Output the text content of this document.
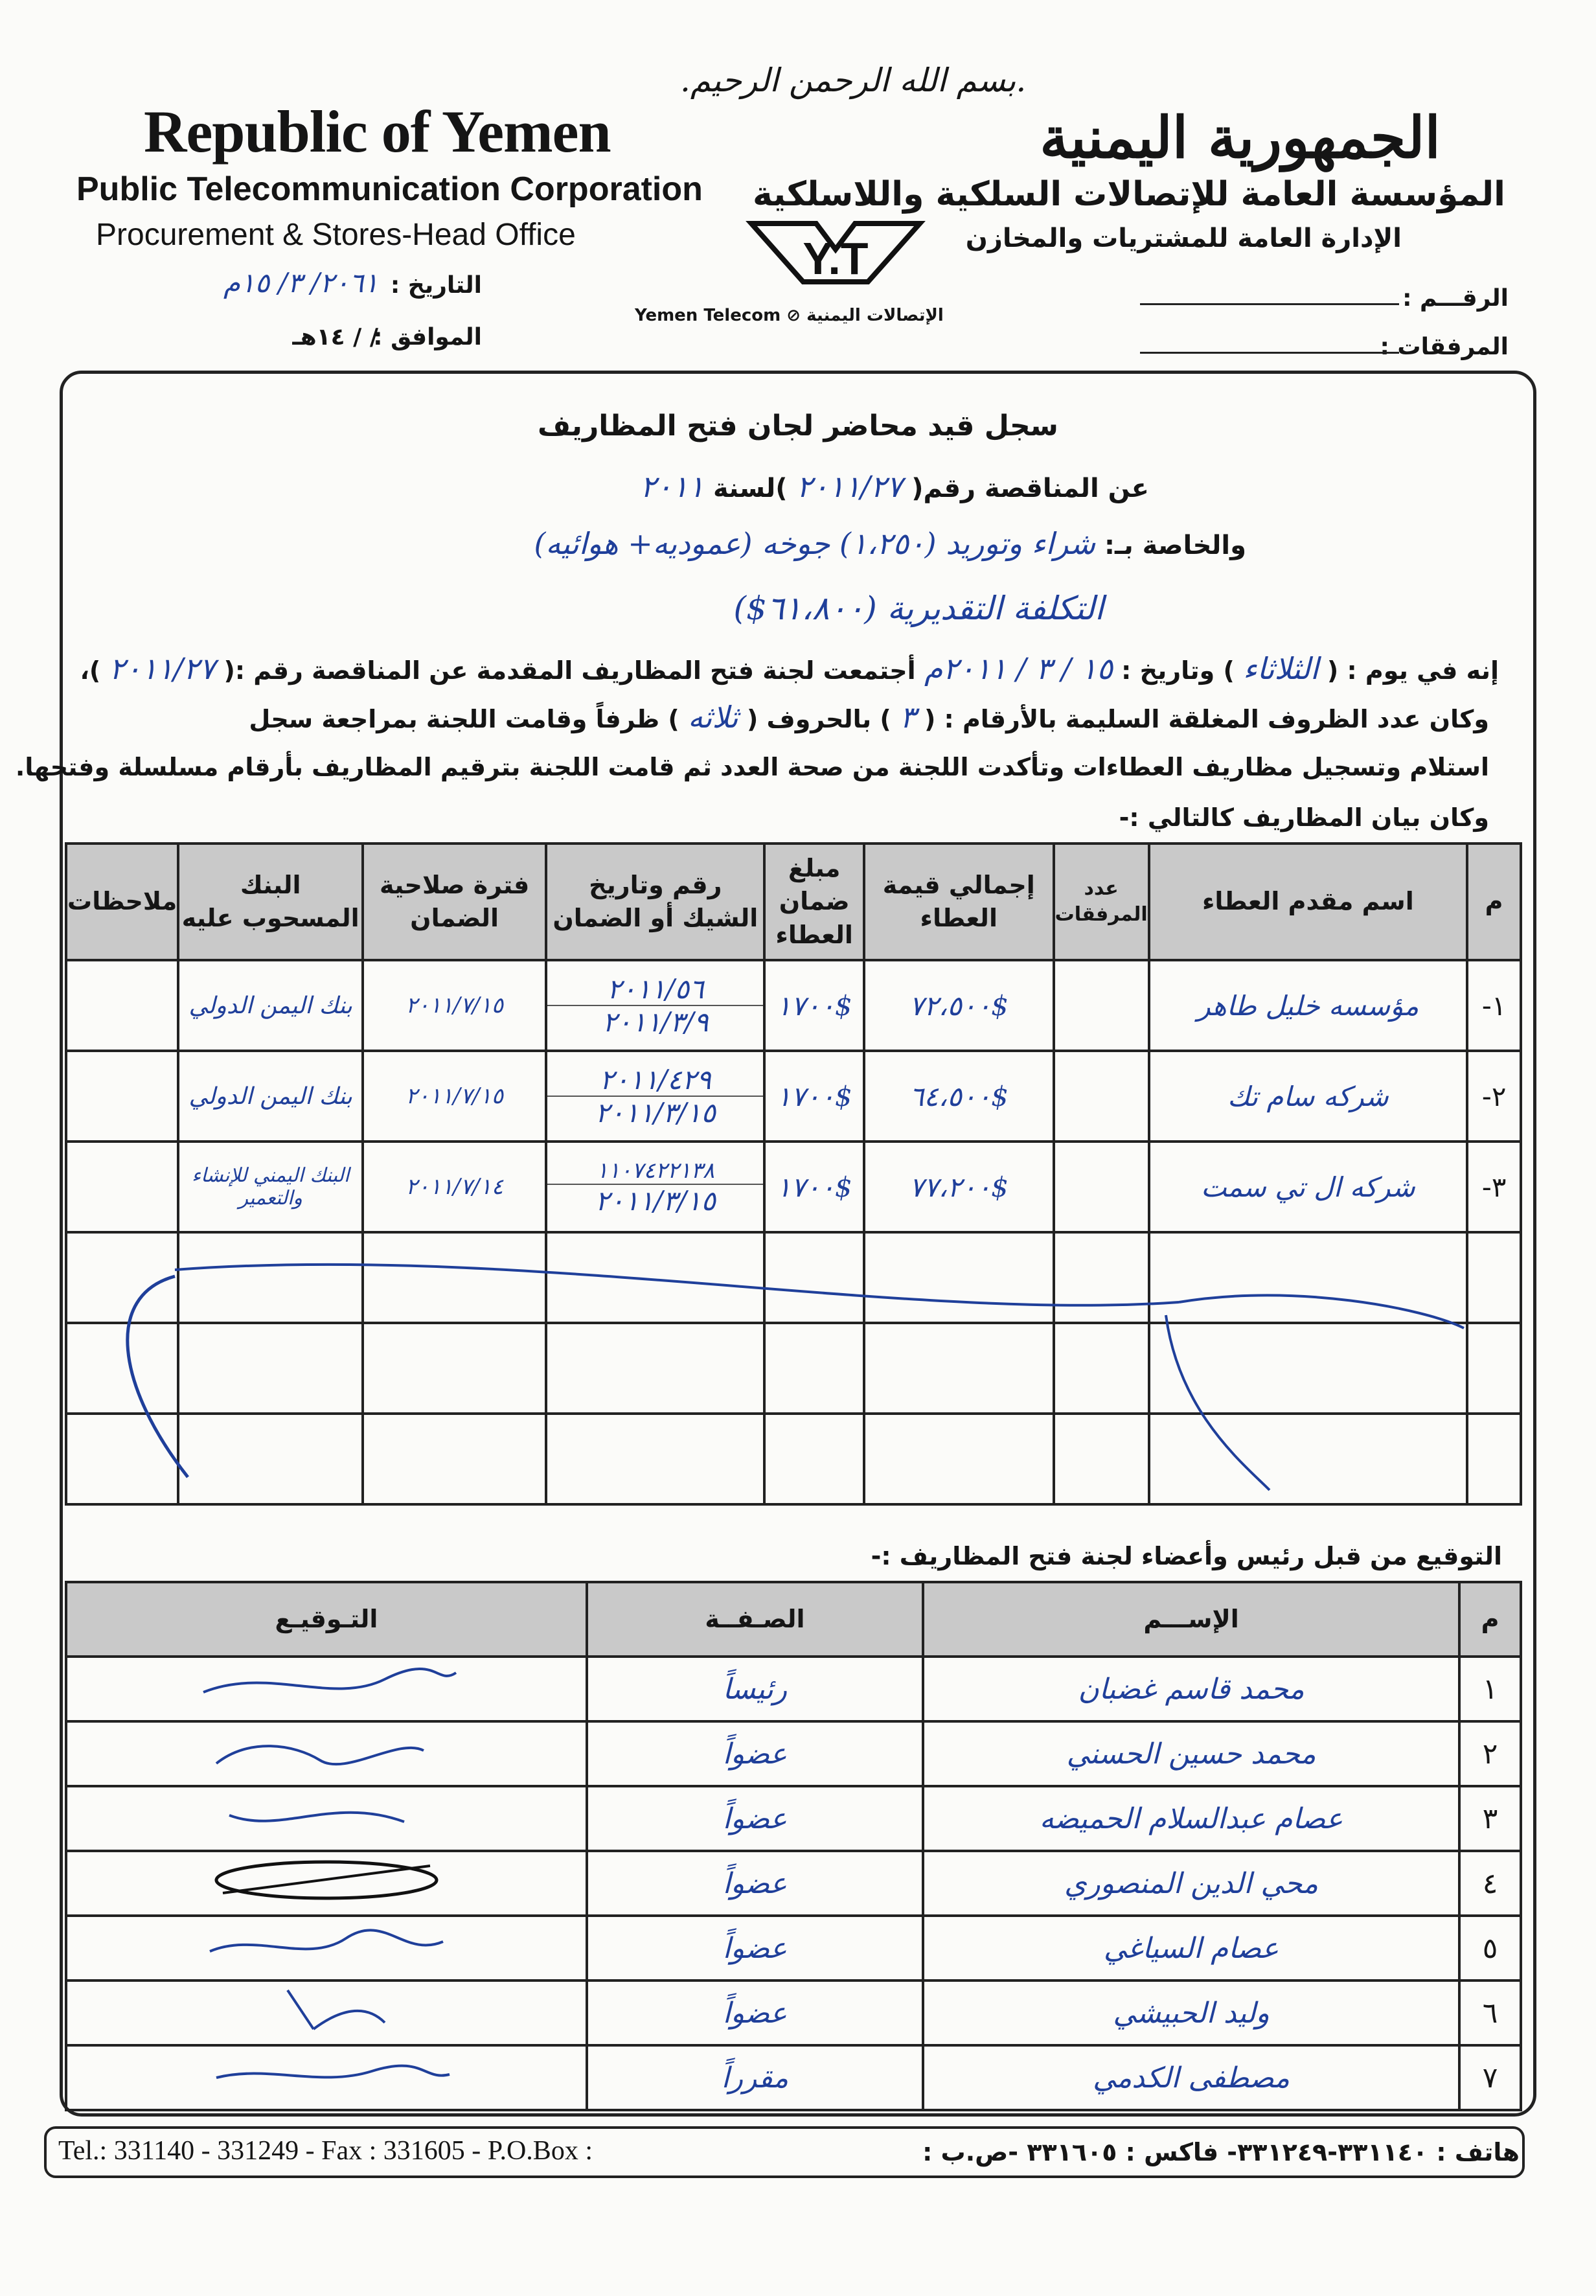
Republic of Yemen
Public Telecommunication Corporation
Procurement & Stores-Head Office
.بسم الله الرحمن الرحيم.
الجمهورية اليمنية
المؤسسة العامة للإتصالات السلكية واللاسلكية
الإدارة العامة للمشتريات والمخازن
Y.T
Yemen Telecom ⊘ الإتصالات اليمنية
التاريخ :
٢٠٦١/ ٣/ ١٥م
الموافق :
/ / ١٤هـ
الرقـــم :
المرفقات :
سجل قيد محاضر لجان فتح المظاريف
عن المناقصة رقم( ٢٠١١/٢٧ )لسنة ٢٠١١
والخاصة بـ: شراء وتوريد (١،٢٥٠) جوخه (عموديه+ هوائيه)
التكلفة التقديرية (٦١،٨٠٠$)
إنه في يوم : ( الثلاثاء ) وتاريخ : ١٥ / ٣ / ٢٠١١م أجتمعت لجنة فتح المظاريف المقدمة عن المناقصة رقم :( ٢٠١١/٢٧ )،
وكان عدد الظروف المغلقة السليمة بالأرقام : ( ٣ ) بالحروف ( ثلاثه ) ظرفاً وقامت اللجنة بمراجعة سجل
استلام وتسجيل مظاريف العطاءات وتأكدت اللجنة من صحة العدد ثم قامت اللجنة بترقيم المظاريف بأرقام مسلسلة وفتحها.
وكان بيان المظاريف كالتالي :-
م	اسم مقدم العطاء	عدد المرفقات	إجمالي قيمة العطاء	مبلغ ضمان العطاء	رقم وتاريخ الشيك أو الضمان	فترة صلاحية الضمان	البنك المسحوب عليه	ملاحظات
١-	مؤسسه خليل طاهر		$٧٢،٥٠٠	$١٧٠٠	٢٠١١/٥٦
٢٠١١/٣/٩	٢٠١١/٧/١٥	بنك اليمن الدولي	
٢-	شركه سام تك		$٦٤،٥٠٠	$١٧٠٠	٢٠١١/٤٢٩
٢٠١١/٣/١٥	٢٠١١/٧/١٥	بنك اليمن الدولي	
٣-	شركه ال تي سمت		$٧٧،٢٠٠	$١٧٠٠	١١٠٧٤٢٢١٣٨
٢٠١١/٣/١٥	٢٠١١/٧/١٤	البنك اليمني للإنشاء والتعمير	

التوقيع من قبل رئيس وأعضاء لجنة فتح المظاريف :-
م	الإســـم	الصـفــة	التـوقيـع
١	محمد قاسم غضبان	رئيساً	
٢	محمد حسين الحسني	عضواً	
٣	عصام عبدالسلام الحميضه	عضواً	
٤	محي الدين المنصوري	عضواً	
٥	عصام السياغي	عضواً	
٦	وليد الحبيشي	عضواً	
٧	مصطفى الكدمي	مقرراً	
Tel.: 331140 - 331249 - Fax : 331605 - P.O.Box :	هاتف : ٣٣١١٤٠-٣٣١٢٤٩- فاكس : ٣٣١٦٠٥ -ص.ب :
